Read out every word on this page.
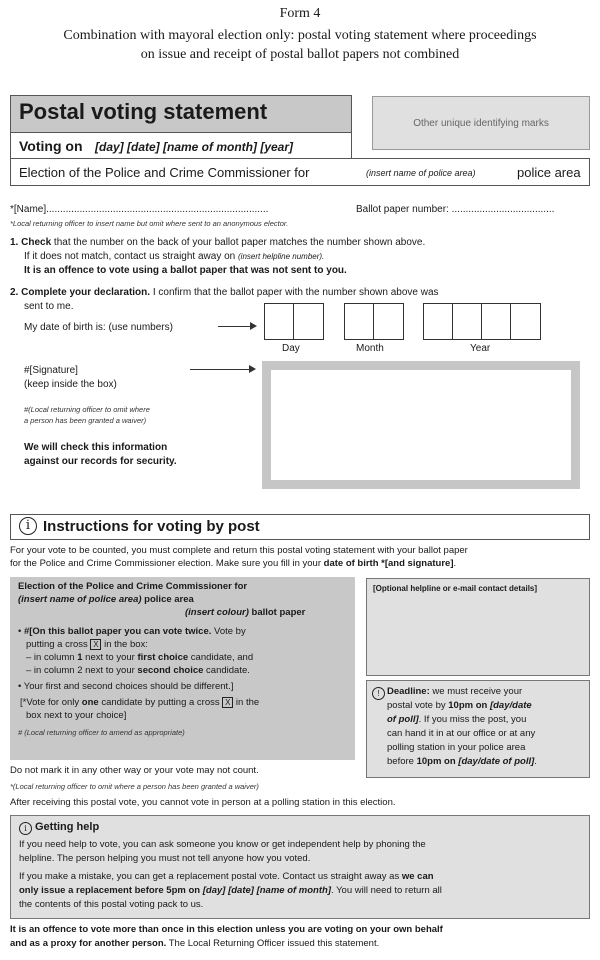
Form 4
Combination with mayoral election only: postal voting statement where proceedings
on issue and receipt of postal ballot papers not combined
Postal voting statement
Voting on [day] [date] [name of month] [year]
Other unique identifying marks
Election of the Police and Crime Commissioner for	(insert name of police area)	police area
*[Name]................................................................................	Ballot paper number: .....................................
*Local returning officer to insert name but omit where sent to an anonymous elector.
1. Check that the number on the back of your ballot paper matches the number shown above.
If it does not match, contact us straight away on (insert helpline number).
It is an offence to vote using a ballot paper that was not sent to you.
2. Complete your declaration. I confirm that the ballot paper with the number shown above was
sent to me.
My date of birth is: (use numbers)
Day	Month	Year
#[Signature]
(keep inside the box)
#(Local returning officer to omit where
a person has been granted a waiver)
We will check this information
against our records for security.
i Instructions for voting by post
For your vote to be counted, you must complete and return this postal voting statement with your ballot paper
for the Police and Crime Commissioner election. Make sure you fill in your date of birth *[and signature].
Election of the Police and Crime Commissioner for
(insert name of police area) police area
(insert colour) ballot paper
• #[On this ballot paper you can vote twice. Vote by
putting a cross X in the box:
– in column 1 next to your first choice candidate, and
– in column 2 next to your second choice candidate.
• Your first and second choices should be different.]
[*Vote for only one candidate by putting a cross X in the
box next to your choice]
# (Local returning officer to amend as appropriate)
[Optional helpline or e-mail contact details]
! Deadline: we must receive your
postal vote by 10pm on [day/date
of poll]. If you miss the post, you
can hand it in at our office or at any
polling station in your police area
before 10pm on [day/date of poll].
Do not mark it in any other way or your vote may not count.
*(Local returning officer to omit where a person has been granted a waiver)
After receiving this postal vote, you cannot vote in person at a polling station in this election.
i Getting help
If you need help to vote, you can ask someone you know or get independent help by phoning the
helpline. The person helping you must not tell anyone how you voted.
If you make a mistake, you can get a replacement postal vote. Contact us straight away as we can
only issue a replacement before 5pm on [day] [date] [name of month]. You will need to return all
the contents of this postal voting pack to us.
It is an offence to vote more than once in this election unless you are voting on your own behalf
and as a proxy for another person. The Local Returning Officer issued this statement.
